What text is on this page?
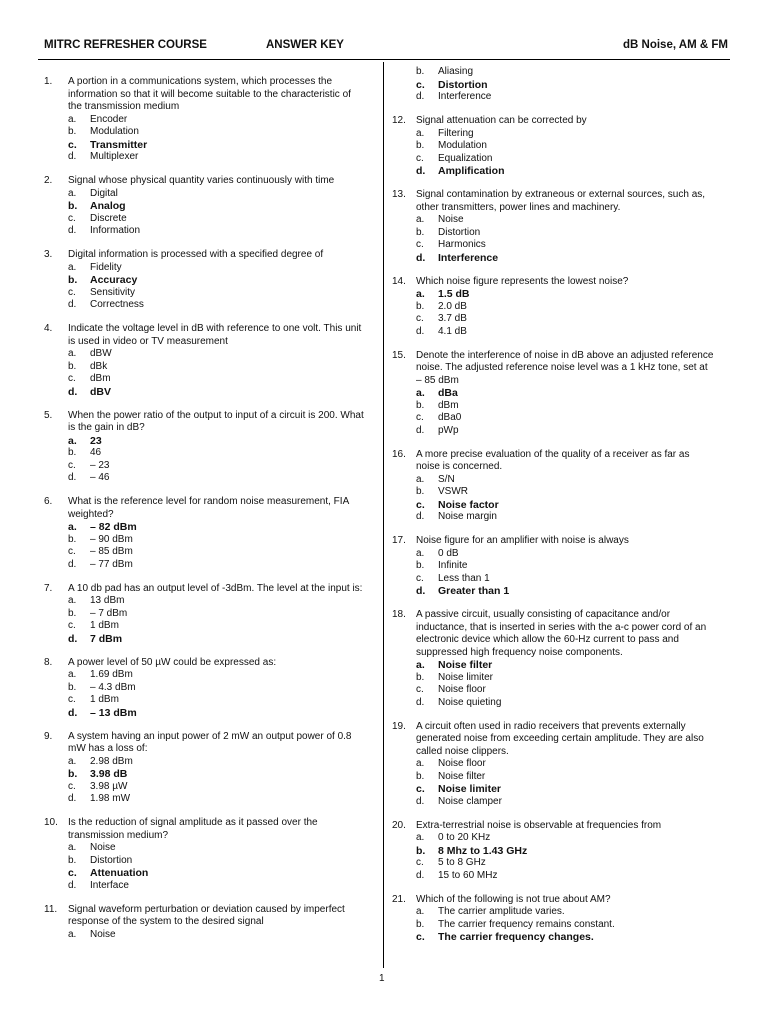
MITRC REFRESHER COURSE	ANSWER KEY	dB Noise, AM & FM
1.	A portion in a communications system, which processes the information so that it will become suitable to the characteristic of the transmission medium
a.	Encoder
b.	Modulation
c.	Transmitter
d.	Multiplexer
2.	Signal whose physical quantity varies continuously with time
a.	Digital
b.	Analog
c.	Discrete
d.	Information
3.	Digital information is processed with a specified degree of
a.	Fidelity
b.	Accuracy
c.	Sensitivity
d.	Correctness
4.	Indicate the voltage level in dB with reference to one volt. This unit is used in video or TV measurement
a.	dBW
b.	dBk
c.	dBm
d.	dBV
5.	When the power ratio of the output to input of a circuit is 200. What is the gain in dB?
a.	23
b.	46
c.	– 23
d.	– 46
6.	What is the reference level for random noise measurement, FIA weighted?
a.	– 82 dBm
b.	– 90 dBm
c.	– 85 dBm
d.	– 77 dBm
7.	A 10 db pad has an output level of -3dBm. The level at the input is:
a.	13 dBm
b.	– 7 dBm
c.	1 dBm
d.	7 dBm
8.	A power level of 50 µW could be expressed as:
a.	1.69 dBm
b.	– 4.3 dBm
c.	1 dBm
d.	– 13 dBm
9.	A system having an input power of 2 mW an output power of 0.8 mW has a loss of:
a.	2.98 dBm
b.	3.98 dB
c.	3.98 µW
d.	1.98 mW
10.	Is the reduction of signal amplitude as it passed over the transmission medium?
a.	Noise
b.	Distortion
c.	Attenuation
d.	Interface
11.	Signal waveform perturbation or deviation caused by imperfect response of the system to the desired signal
a.	Noise
b.	Aliasing
c.	Distortion
d.	Interference
12.	Signal attenuation can be corrected by
a.	Filtering
b.	Modulation
c.	Equalization
d.	Amplification
13.	Signal contamination by extraneous or external sources, such as, other transmitters, power lines and machinery.
a.	Noise
b.	Distortion
c.	Harmonics
d.	Interference
14.	Which noise figure represents the lowest noise?
a.	1.5 dB
b.	2.0 dB
c.	3.7 dB
d.	4.1 dB
15.	Denote the interference of noise in dB above an adjusted reference noise. The adjusted reference noise level was a 1 kHz tone, set at – 85 dBm
a.	dBa
b.	dBm
c.	dBa0
d.	pWp
16.	A more precise evaluation of the quality of a receiver as far as noise is concerned.
a.	S/N
b.	VSWR
c.	Noise factor
d.	Noise margin
17.	Noise figure for an amplifier with noise is always
a.	0 dB
b.	Infinite
c.	Less than 1
d.	Greater than 1
18.	A passive circuit, usually consisting of capacitance and/or inductance, that is inserted in series with the a-c power cord of an electronic device which allow the 60-Hz current to pass and suppressed high frequency noise components.
a.	Noise filter
b.	Noise limiter
c.	Noise floor
d.	Noise quieting
19.	A circuit often used in radio receivers that prevents externally generated noise from exceeding certain amplitude. They are also called noise clippers.
a.	Noise floor
b.	Noise filter
c.	Noise limiter
d.	Noise clamper
20.	Extra-terrestrial noise is observable at frequencies from
a.	0 to 20 KHz
b.	8 Mhz to 1.43 GHz
c.	5 to 8 GHz
d.	15 to 60 MHz
21.	Which of the following is not true about AM?
a.	The carrier amplitude varies.
b.	The carrier frequency remains constant.
c.	The carrier frequency changes.
1
